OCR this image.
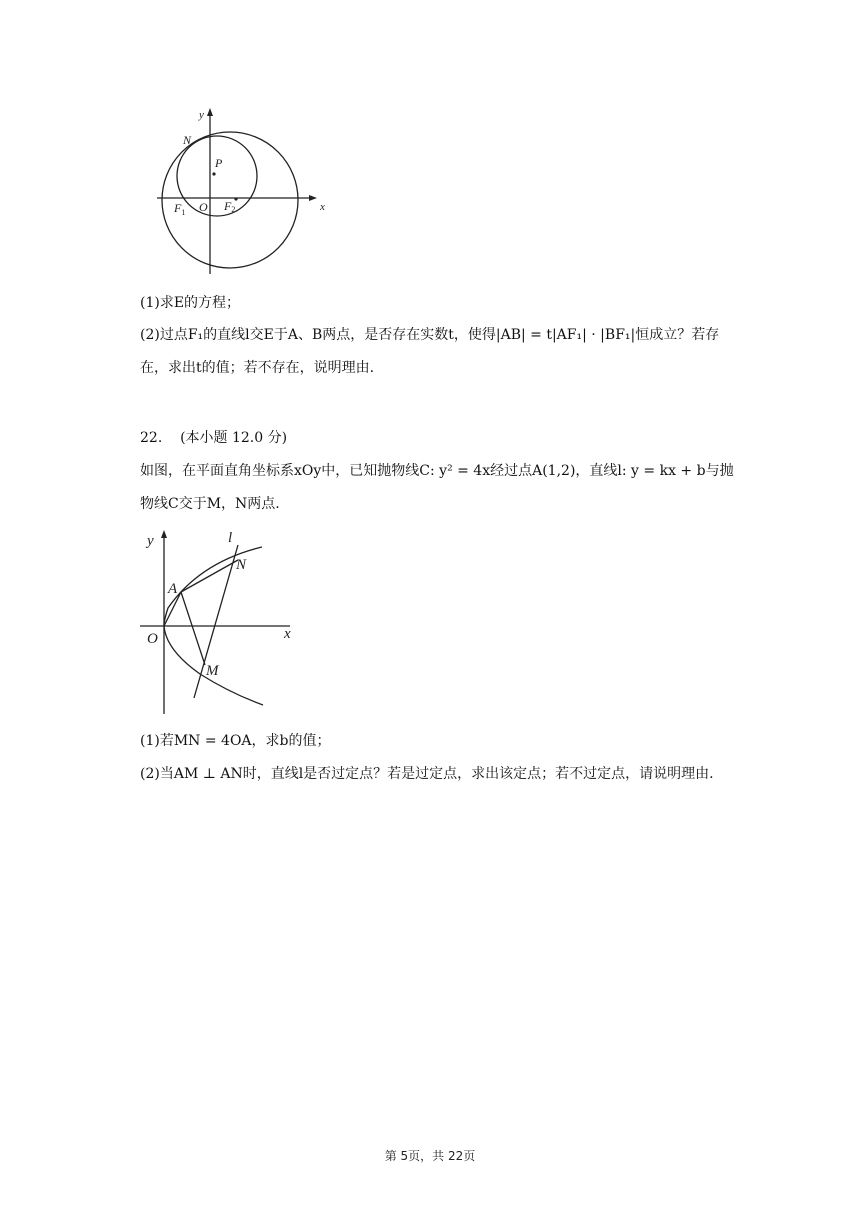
y
x
N
P
O
$F_1$	F2
(1)求E的方程；
(2)过点F₁的直线l交E于A、B两点，是否存在实数t，使得|AB| = t|AF₁| · |BF₁|恒成立？若存
在，求出t的值；若不存在，说明理由.
22. (本小题 12.0 分)
如图，在平面直角坐标系xOy中，已知抛物线C: y² = 4x经过点A(1,2)，直线l: y = kx + b与抛
物线C交于M，N两点.
y	l
N
A
O	x
M
(1)若MN = 4OA，求b的值；
(2)当AM ⊥ AN时，直线l是否过定点？若是过定点，求出该定点；若不过定点，请说明理由.
第 5页，共 22页
